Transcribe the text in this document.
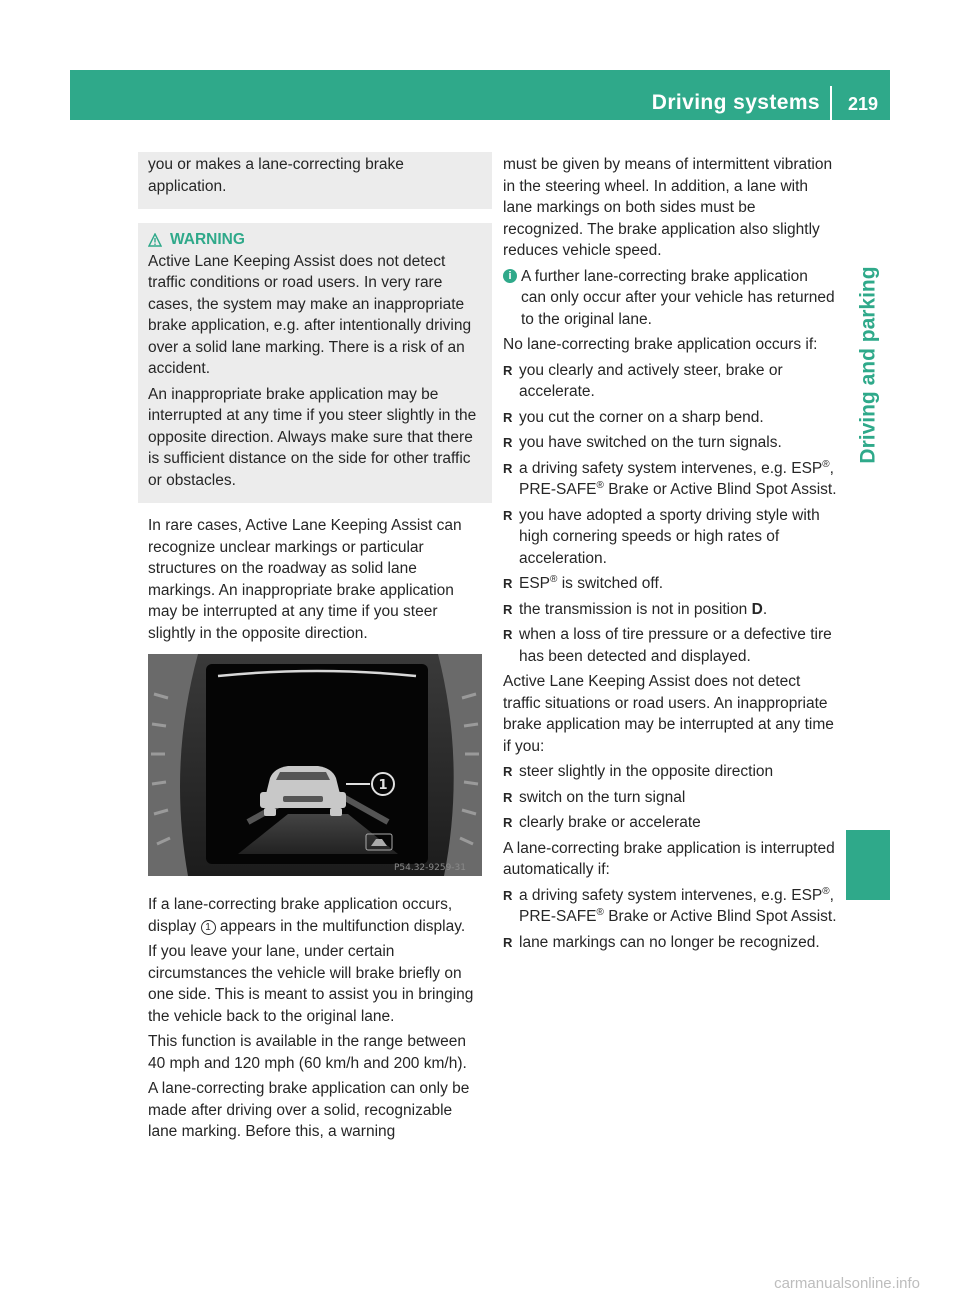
Driving systems 219
Driving and parking

you or makes a lane-correcting brake application.

WARNING

Active Lane Keeping Assist does not detect traffic conditions or road users. In very rare cases, the system may make an inappropriate brake application, e.g. after intentionally driving over a solid lane marking. There is a risk of an accident.

An inappropriate brake application may be interrupted at any time if you steer slightly in the opposite direction. Always make sure that there is sufficient distance on the side for other traffic or obstacles.

In rare cases, Active Lane Keeping Assist can recognize unclear markings or particular structures on the roadway as solid lane markings. An inappropriate brake application may be interrupted at any time if you steer slightly in the opposite direction.

1
P54.32-9259-31

If a lane-correcting brake application occurs, display 1 appears in the multifunction display.

If you leave your lane, under certain circumstances the vehicle will brake briefly on one side. This is meant to assist you in bringing the vehicle back to the original lane.

This function is available in the range between 40 mph and 120 mph (60 km/h and 200 km/h).

A lane-correcting brake application can only be made after driving over a solid, recognizable lane marking. Before this, a warning

must be given by means of intermittent vibration in the steering wheel. In addition, a lane with lane markings on both sides must be recognized. The brake application also slightly reduces vehicle speed.

i A further lane-correcting brake application can only occur after your vehicle has returned to the original lane.

No lane-correcting brake application occurs if:

R you clearly and actively steer, brake or accelerate.
R you cut the corner on a sharp bend.
R you have switched on the turn signals.
R a driving safety system intervenes, e.g. ESP®, PRE-SAFE® Brake or Active Blind Spot Assist.
R you have adopted a sporty driving style with high cornering speeds or high rates of acceleration.
R ESP® is switched off.
R the transmission is not in position D.
R when a loss of tire pressure or a defective tire has been detected and displayed.

Active Lane Keeping Assist does not detect traffic situations or road users. An inappropriate brake application may be interrupted at any time if you:

R steer slightly in the opposite direction
R switch on the turn signal
R clearly brake or accelerate

A lane-correcting brake application is interrupted automatically if:

R a driving safety system intervenes, e.g. ESP®, PRE-SAFE® Brake or Active Blind Spot Assist.
R lane markings can no longer be recognized.
carmanualsonline.info
